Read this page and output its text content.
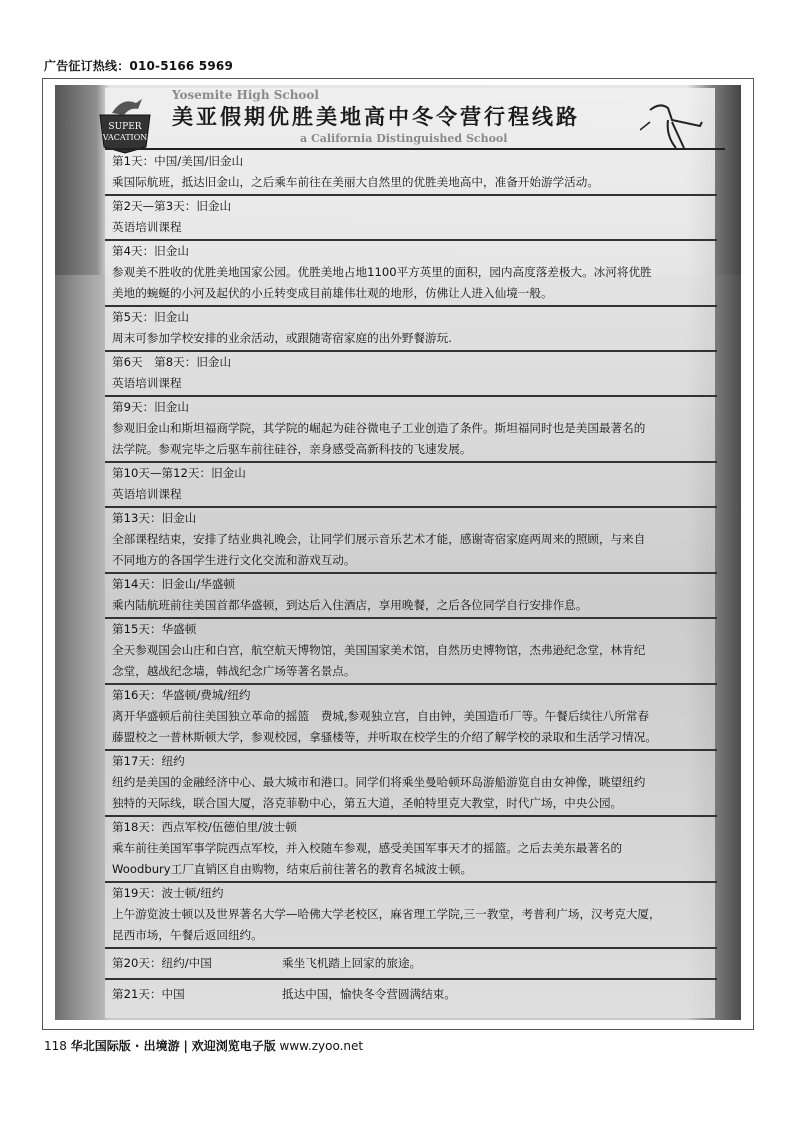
广告征订热线：010-5166 5969
Yosemite High School
a California Distinguished School
SUPER
VACATION
美亚假期优胜美地高中冬令营行程线路
第1天：中国/美国/旧金山
乘国际航班，抵达旧金山，之后乘车前往在美丽大自然里的优胜美地高中，准备开始游学活动。
第2天—第3天：旧金山
英语培训课程
第4天：旧金山
参观美不胜收的优胜美地国家公园。优胜美地占地1100平方英里的面积，园内高度落差极大。冰河将优胜
美地的蜿蜒的小河及起伏的小丘转变成目前雄伟壮观的地形，仿佛让人进入仙境一般。
第5天：旧金山
周末可参加学校安排的业余活动，或跟随寄宿家庭的出外野餐游玩.
第6天　第8天：旧金山
英语培训课程
第9天：旧金山
参观旧金山和斯坦福商学院，其学院的崛起为硅谷微电子工业创造了条件。斯坦福同时也是美国最著名的
法学院。参观完毕之后驱车前往硅谷，亲身感受高新科技的飞速发展。
第10天—第12天：旧金山
英语培训课程
第13天：旧金山
全部课程结束，安排了结业典礼晚会，让同学们展示音乐艺术才能，感谢寄宿家庭两周来的照顾，与来自
不同地方的各国学生进行文化交流和游戏互动。
第14天：旧金山/华盛顿
乘内陆航班前往美国首都华盛顿，到达后入住酒店，享用晚餐，之后各位同学自行安排作息。
第15天：华盛顿
全天参观国会山庄和白宫，航空航天博物馆，美国国家美术馆，自然历史博物馆，杰弗逊纪念堂，林肯纪
念堂，越战纪念墙，韩战纪念广场等著名景点。
第16天：华盛顿/费城/纽约
离开华盛顿后前往美国独立革命的摇篮　费城,参观独立宫，自由钟，美国造币厂等。午餐后续往八所常春
藤盟校之一普林斯顿大学，参观校园，拿骚楼等，并听取在校学生的介绍了解学校的录取和生活学习情况。
第17天：纽约
纽约是美国的金融经济中心、最大城市和港口。同学们将乘坐曼哈顿环岛游船游览自由女神像，眺望纽约
独特的天际线，联合国大厦，洛克菲勒中心，第五大道，圣帕特里克大教堂，时代广场，中央公园。
第18天：西点军校/伍德伯里/波士顿
乘车前往美国军事学院西点军校，并入校随车参观，感受美国军事天才的摇篮。之后去美东最著名的
Woodbury工厂直销区自由购物，结束后前往著名的教育名城波士顿。
第19天：波士顿/纽约
上午游览波士顿以及世界著名大学—哈佛大学老校区，麻省理工学院,三一教堂，考普利广场，汉考克大厦，
昆西市场，午餐后返回纽约。
第20天：纽约/中国	乘坐飞机踏上回家的旅途。
第21天：中国	抵达中国，愉快冬令营圆满结束。
118 华北国际版 · 出境游 | 欢迎浏览电子版 www.zyoo.net
